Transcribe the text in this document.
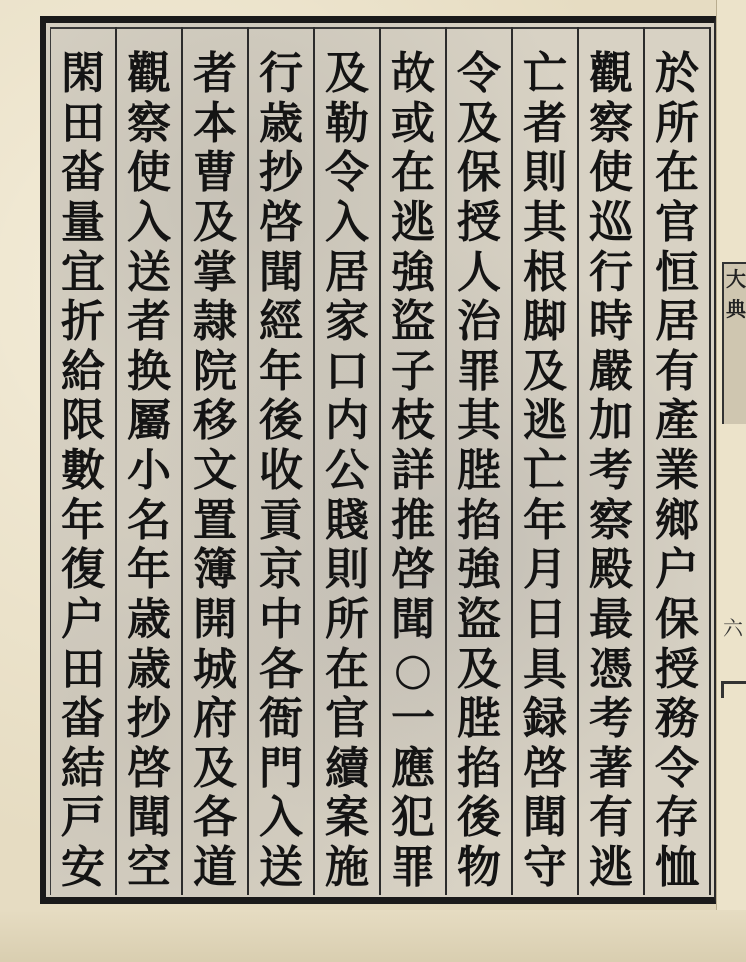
大典
六
於
所
在
官
恒
居
有
產
業
鄉
户
保
授
務
令
存
恤
觀
察
使
巡
行
時
嚴
加
考
察
殿
最
憑
考
著
有
逃
亡
者
則
其
根
脚
及
逃
亡
年
月
日
具
録
啓
聞
守
令
及
保
授
人
治
罪
其
䏶
掐
強
盜
及
䏶
掐
後
物
故
或
在
逃
強
盜
子
枝
詳
推
啓
聞
○
一
應
犯
罪
及
勒
令
入
居
家
口
内
公
賤
則
所
在
官
續
案
施
行
歳
抄
啓
聞
經
年
後
收
貢
京
中
各
衙
門
入
送
者
本
曹
及
掌
隷
院
移
文
置
簿
開
城
府
及
各
道
觀
察
使
入
送
者
换
屬
小
名
年
歳
歳
抄
啓
聞
空
閑
田
畓
量
宜
折
給
限
數
年
復
户
田
畓
結
戸
安
